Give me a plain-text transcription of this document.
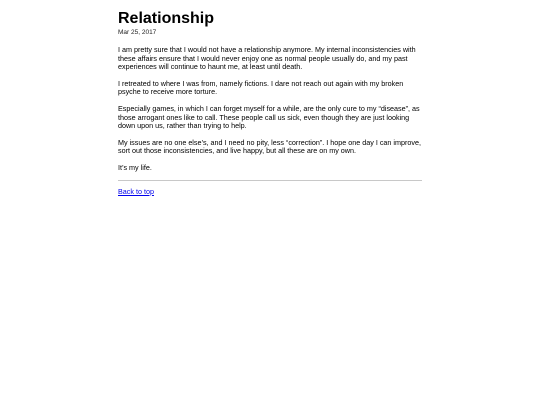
Relationship
Mar 25, 2017

I am pretty sure that I would not have a relationship anymore. My internal inconsistencies with these affairs ensure that I would never enjoy one as normal people usually do, and my past experiences will continue to haunt me, at least until death.

I retreated to where I was from, namely fictions. I dare not reach out again with my broken psyche to receive more torture.

Especially games, in which I can forget myself for a while, are the only cure to my “disease”, as those arrogant ones like to call. These people call us sick, even though they are just looking down upon us, rather than trying to help.

My issues are no one else’s, and I need no pity, less “correction”. I hope one day I can improve, sort out those inconsistencies, and live happy, but all these are on my own.

It’s my life.

Back to top
